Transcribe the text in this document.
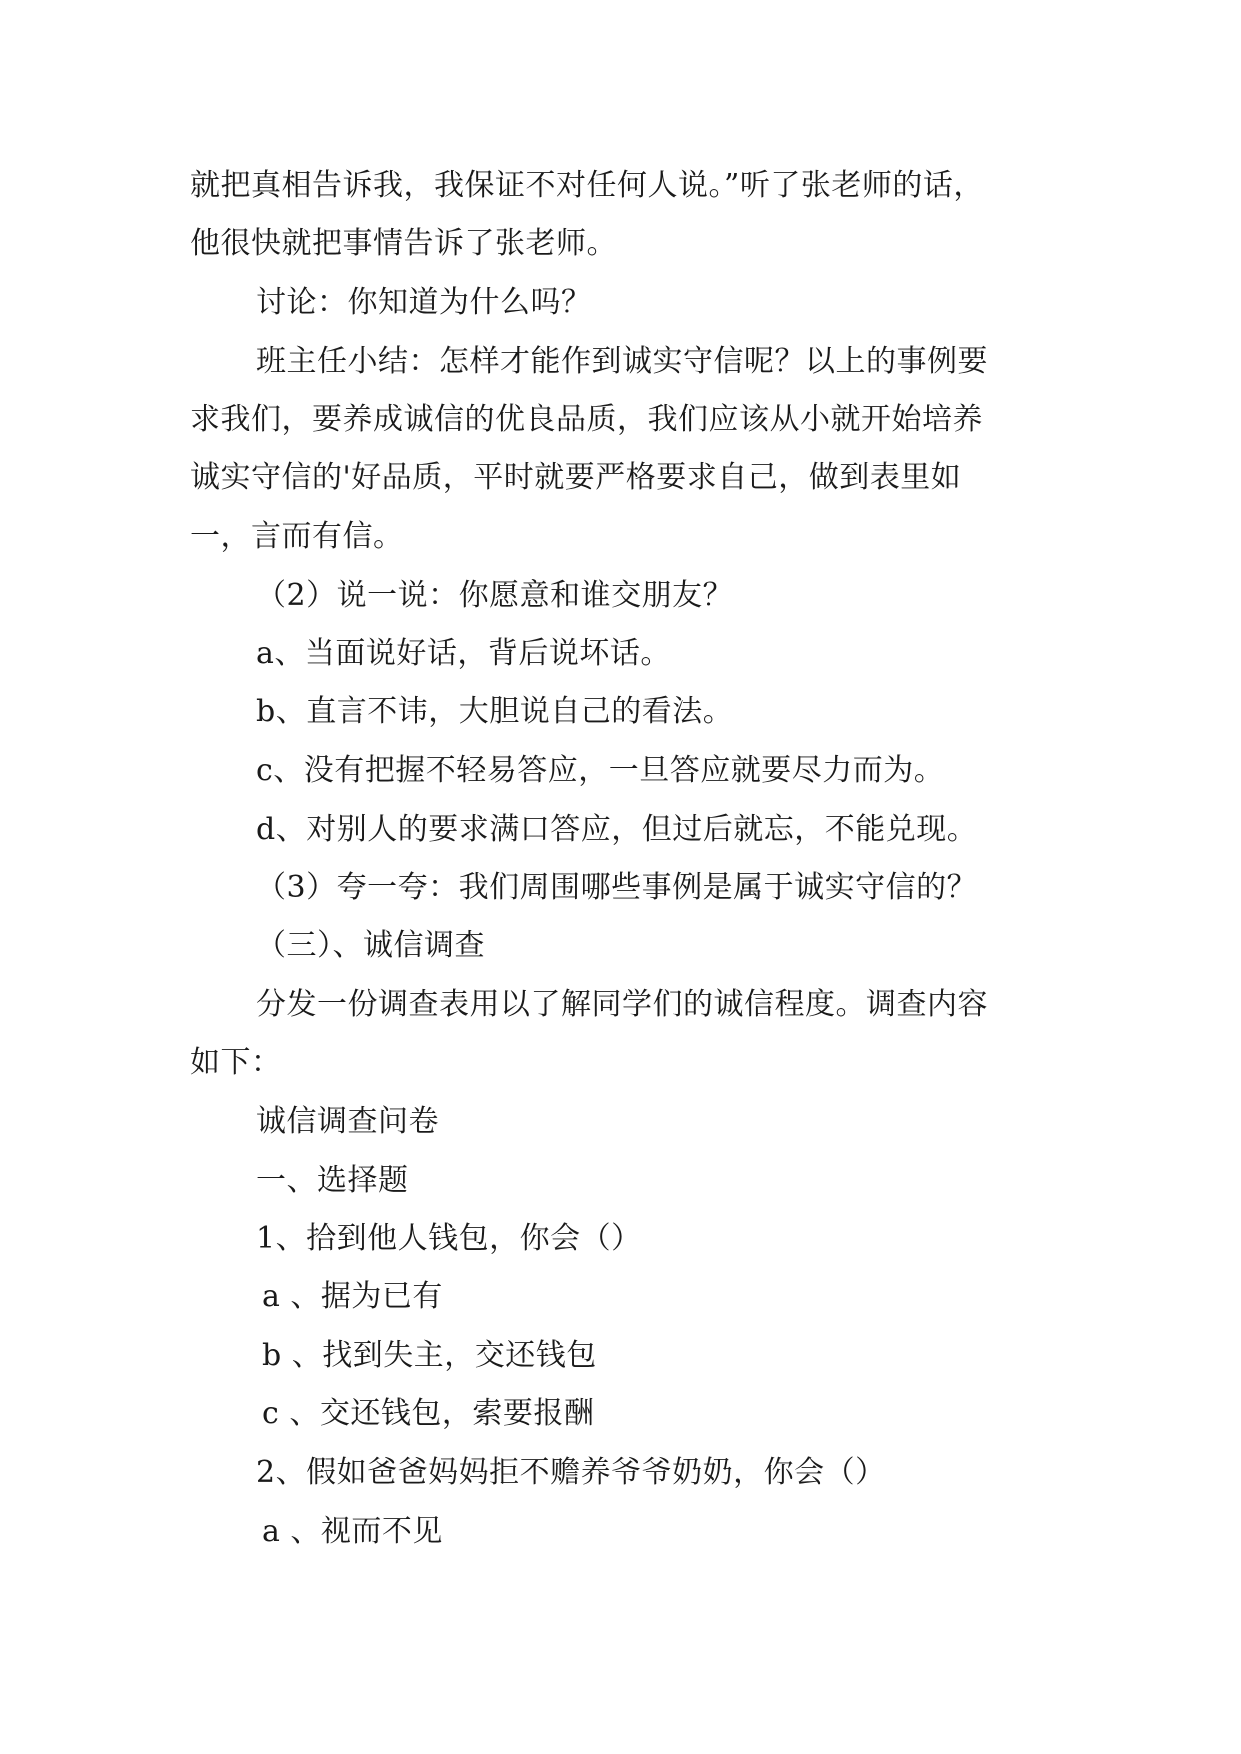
就把真相告诉我，我保证不对任何人说。”听了张老师的话，
他很快就把事情告诉了张老师。
讨论：你知道为什么吗？
班主任小结：怎样才能作到诚实守信呢？以上的事例要
求我们，要养成诚信的优良品质，我们应该从小就开始培养
诚实守信的'好品质，平时就要严格要求自己，做到表里如
一，言而有信。
（2）说一说：你愿意和谁交朋友？
a、当面说好话，背后说坏话。
b、直言不讳，大胆说自己的看法。
c、没有把握不轻易答应，一旦答应就要尽力而为。
d、对别人的要求满口答应，但过后就忘，不能兑现。
（3）夸一夸：我们周围哪些事例是属于诚实守信的？
（三）、诚信调查
分发一份调查表用以了解同学们的诚信程度。调查内容
如下：
诚信调查问卷
一、选择题
1、拾到他人钱包，你会（）
a 、据为已有
b 、找到失主，交还钱包
c 、交还钱包，索要报酬
2、假如爸爸妈妈拒不赡养爷爷奶奶，你会（）
a 、视而不见
